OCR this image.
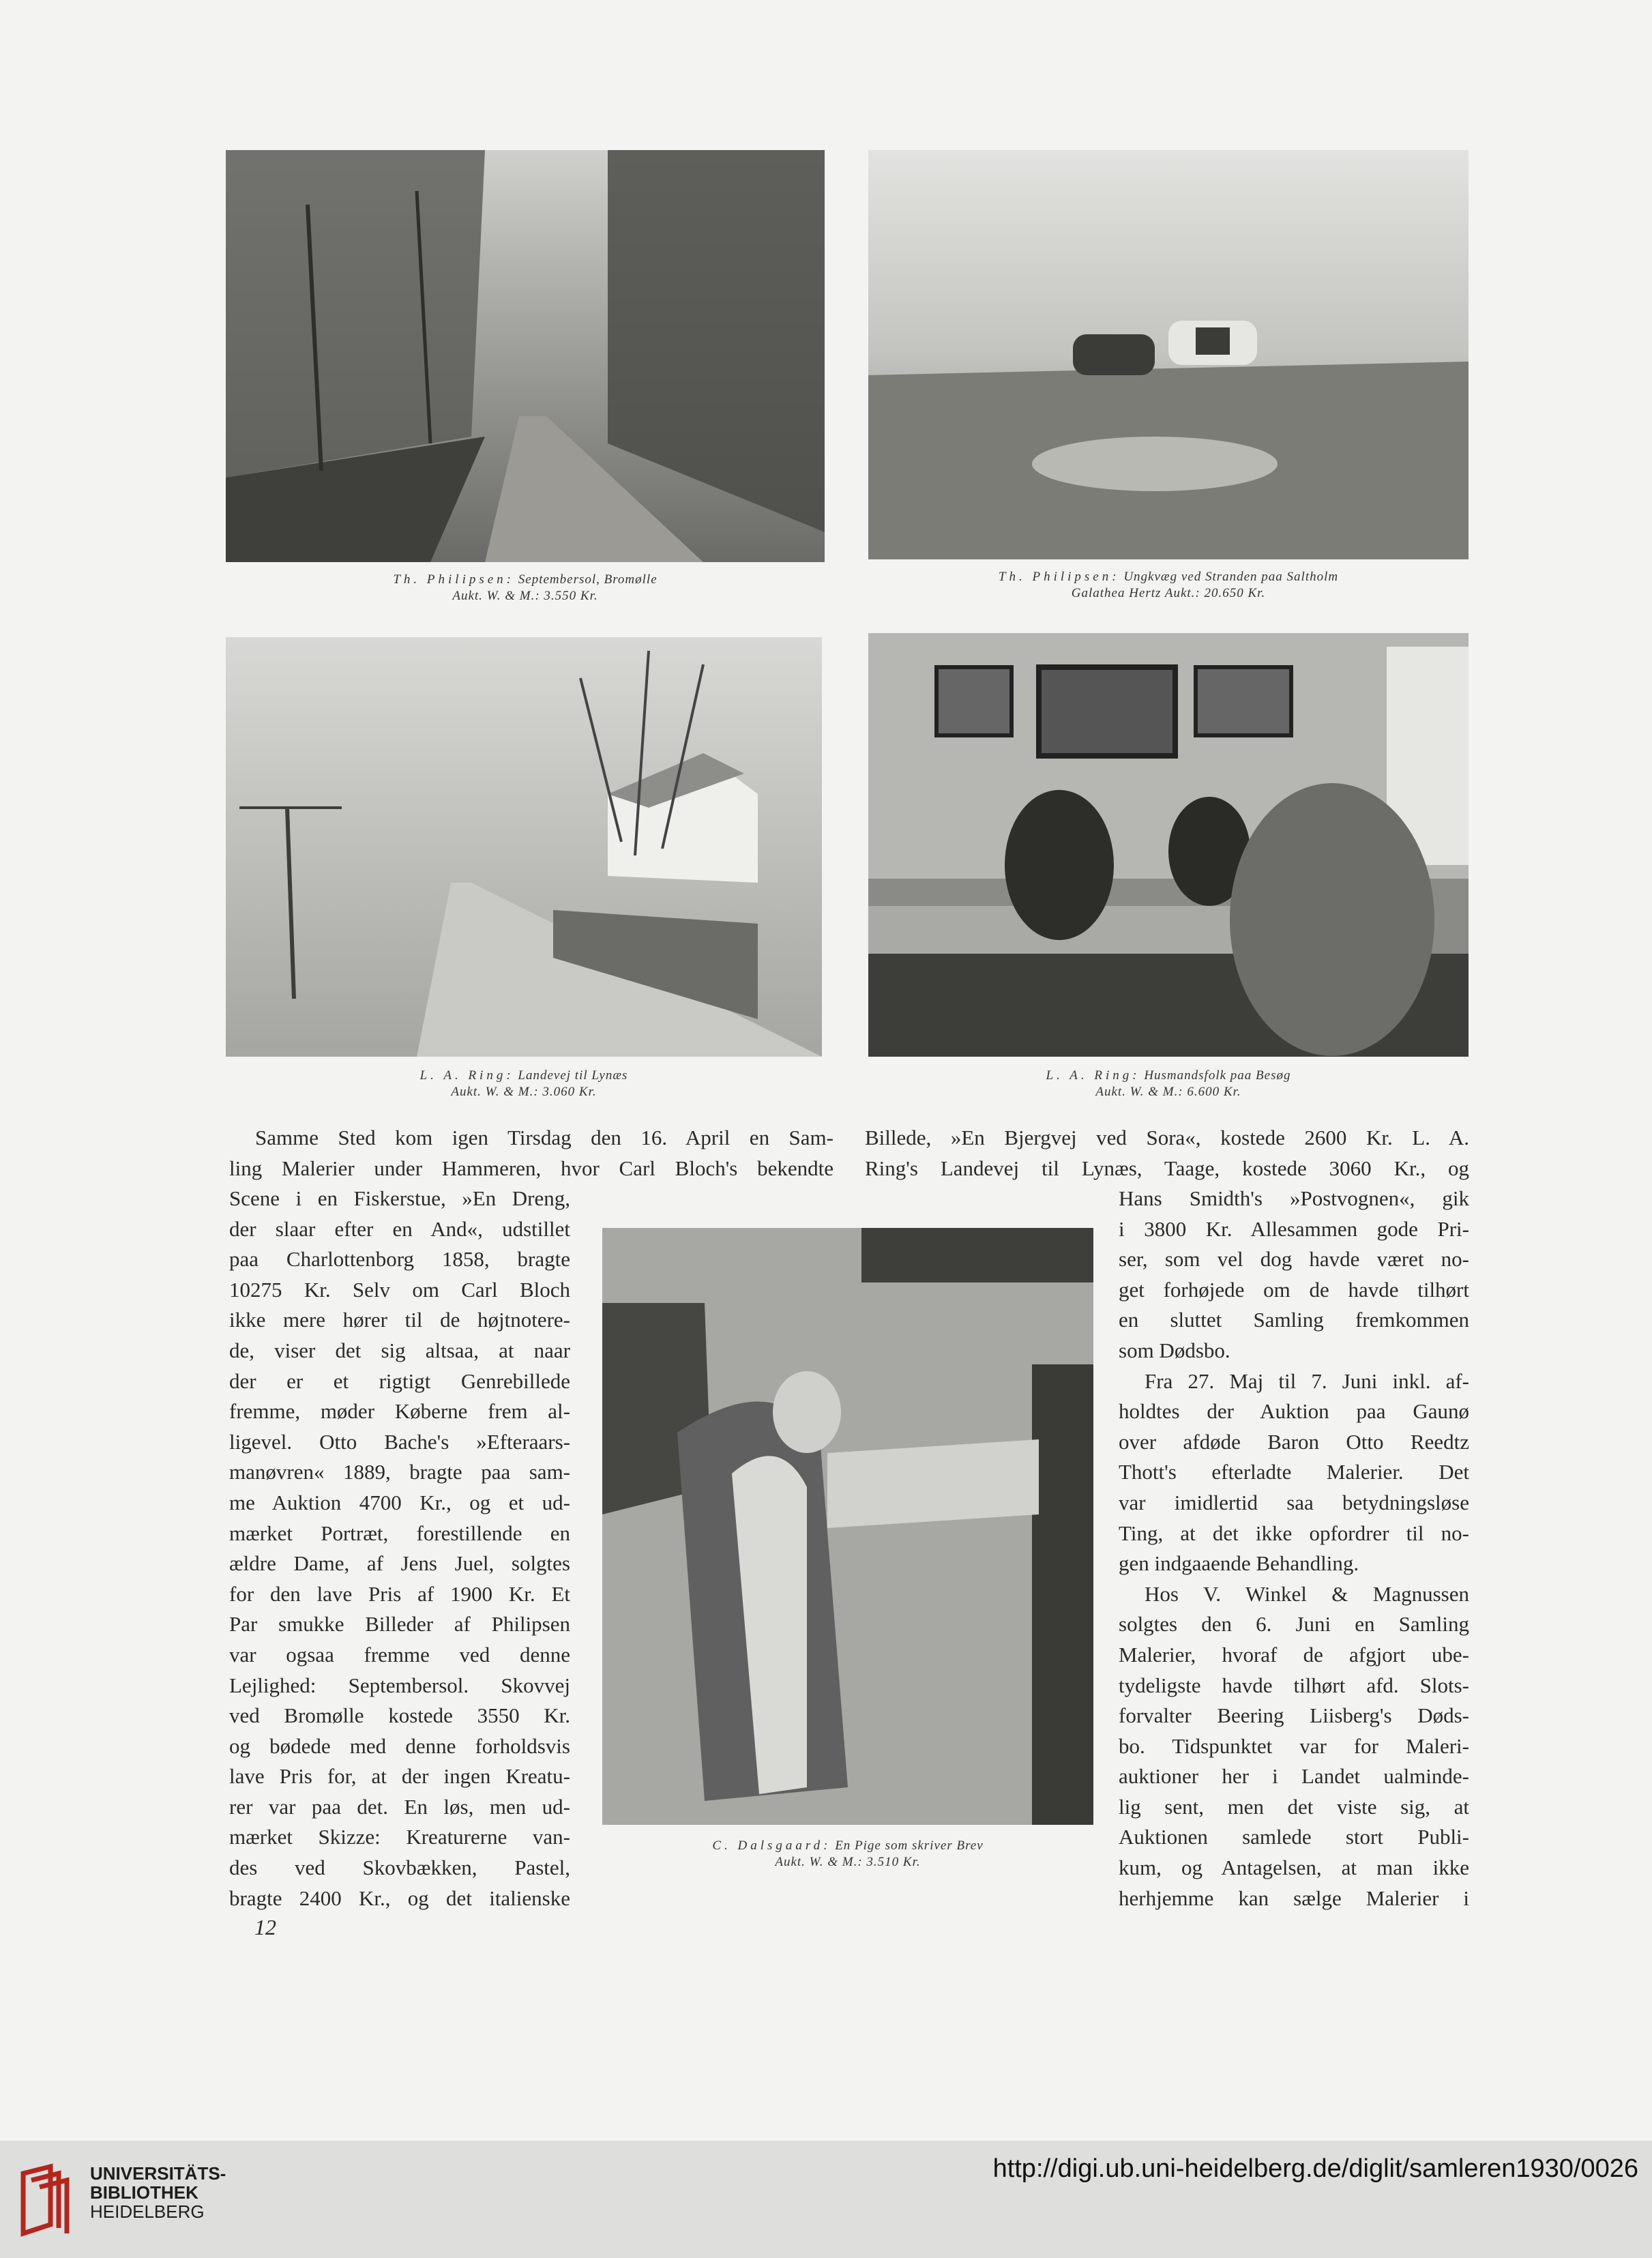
Th. Philipsen: Septembersol, Bromølle
Aukt. W. & M.: 3.550 Kr.
Th. Philipsen: Ungkvæg ved Stranden paa Saltholm
Galathea Hertz Aukt.: 20.650 Kr.
L. A. Ring: Landevej til Lynæs
Aukt. W. & M.: 3.060 Kr.
L. A. Ring: Husmandsfolk paa Besøg
Aukt. W. & M.: 6.600 Kr.
C. Dalsgaard: En Pige som skriver Brev
Aukt. W. & M.: 3.510 Kr.
Samme Sted kom igen Tirsdag den 16. April en Sam-
ling Malerier under Hammeren, hvor Carl Bloch's bekendte
Scene i en Fiskerstue, »En Dreng,
der slaar efter en And«, udstillet
paa Charlottenborg 1858, bragte
10275 Kr. Selv om Carl Bloch
ikke mere hører til de højtnotere-
de, viser det sig altsaa, at naar
der er et rigtigt Genrebillede
fremme, møder Køberne frem al-
ligevel. Otto Bache's »Efteraars-
manøvren« 1889, bragte paa sam-
me Auktion 4700 Kr., og et ud-
mærket Portræt, forestillende en
ældre Dame, af Jens Juel, solgtes
for den lave Pris af 1900 Kr. Et
Par smukke Billeder af Philipsen
var ogsaa fremme ved denne
Lejlighed: Septembersol. Skovvej
ved Bromølle kostede 3550 Kr.
og bødede med denne forholdsvis
lave Pris for, at der ingen Kreatu-
rer var paa det. En løs, men ud-
mærket Skizze: Kreaturerne van-
des ved Skovbækken, Pastel,
bragte 2400 Kr., og det italienske
Billede, »En Bjergvej ved Sora«, kostede 2600 Kr. L. A.
Ring's Landevej til Lynæs, Taage, kostede 3060 Kr., og
Hans Smidth's »Postvognen«, gik
i 3800 Kr. Allesammen gode Pri-
ser, som vel dog havde været no-
get forhøjede om de havde tilhørt
en sluttet Samling fremkommen
som Dødsbo.
Fra 27. Maj til 7. Juni inkl. af-
holdtes der Auktion paa Gaunø
over afdøde Baron Otto Reedtz
Thott's efterladte Malerier. Det
var imidlertid saa betydningsløse
Ting, at det ikke opfordrer til no-
gen indgaaende Behandling.
Hos V. Winkel & Magnussen
solgtes den 6. Juni en Samling
Malerier, hvoraf de afgjort ube-
tydeligste havde tilhørt afd. Slots-
forvalter Beering Liisberg's Døds-
bo. Tidspunktet var for Maleri-
auktioner her i Landet ualminde-
lig sent, men det viste sig, at
Auktionen samlede stort Publi-
kum, og Antagelsen, at man ikke
herhjemme kan sælge Malerier i
12
UNIVERSITÄTS-
BIBLIOTHEK
HEIDELBERG
http://digi.ub.uni-heidelberg.de/diglit/samleren1930/0026
